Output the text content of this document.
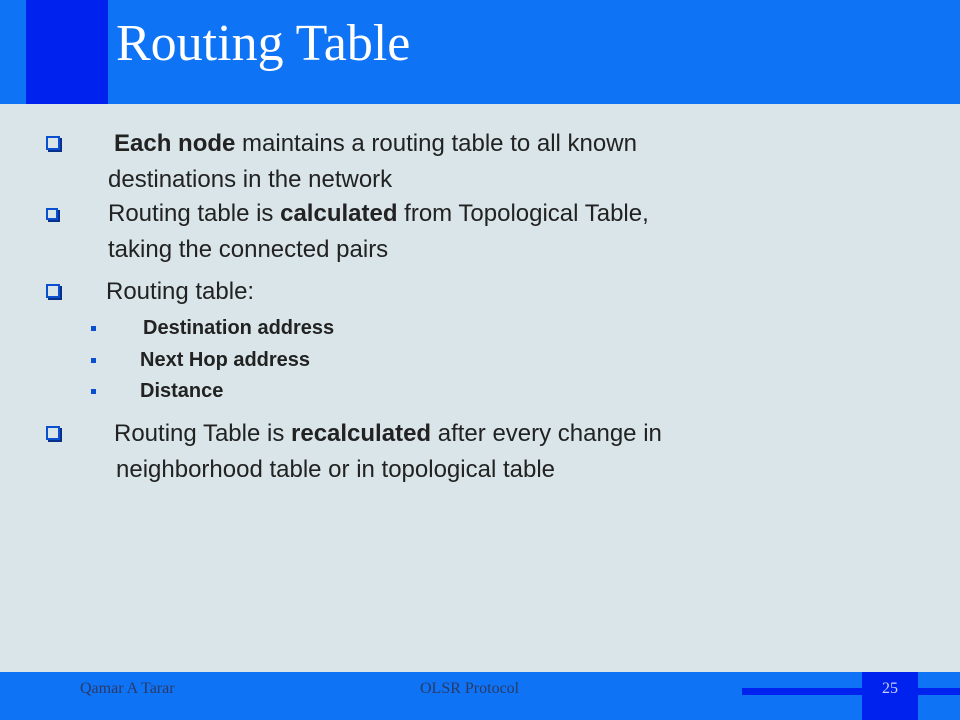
Routing Table
Each node maintains a routing table to all known
destinations in the network
Routing table is calculated from Topological Table,
taking the connected pairs
Routing table:
Destination address
Next Hop address
Distance
Routing Table is recalculated after every change in
neighborhood table or in topological table
Qamar A Tarar	OLSR Protocol	25
